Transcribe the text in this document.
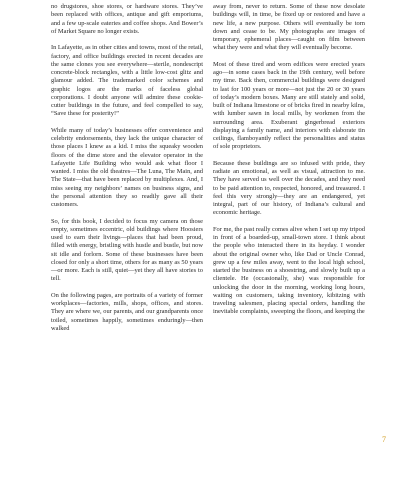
no drugstores, shoe stores, or hardware stores. They’ve been replaced with offices, antique and gift emporiums, and a few up-scale eateries and coffee shops. And Bower’s of Market Square no longer exists.

In Lafayette, as in other cities and towns, most of the retail, factory, and office buildings erected in recent decades are the same clones you see everywhere—sterile, nondescript concrete-block rectangles, with a little low-cost glitz and glamour added. The trademarked color schemes and graphic logos are the marks of faceless global corporations. I doubt anyone will admire these cookie-cutter buildings in the future, and feel compelled to say, “Save these for posterity!”

While many of today’s businesses offer convenience and celebrity endorsements, they lack the unique character of those places I knew as a kid. I miss the squeaky wooden floors of the dime store and the elevator operator in the Lafayette Life Building who would ask what floor I wanted. I miss the old theatres—The Luna, The Main, and The State—that have been replaced by multiplexes. And, I miss seeing my neighbors’ names on business signs, and the personal attention they so readily gave all their customers.

So, for this book, I decided to focus my camera on those empty, sometimes eccentric, old buildings where Hoosiers used to earn their livings—places that had been proud, filled with energy, bristling with hustle and bustle, but now sit idle and forlorn. Some of these businesses have been closed for only a short time, others for as many as 50 years—or more. Each is still, quiet—yet they all have stories to tell.

On the following pages, are portraits of a variety of former workplaces—factories, mills, shops, offices, and stores. They are where we, our parents, and our grandparents once toiled, sometimes happily, sometimes enduringly—then walked

away from, never to return. Some of these now desolate buildings will, in time, be fixed up or restored and have a new life, a new purpose. Others will eventually be torn down and cease to be. My photographs are images of temporary, ephemeral places—caught on film between what they were and what they will eventually become.

Most of these tired and worn edifices were erected years ago—in some cases back in the 19th century, well before my time. Back then, commercial buildings were designed to last for 100 years or more—not just the 20 or 30 years of today’s modern boxes. Many are still stately and solid, built of Indiana limestone or of bricks fired in nearby kilns, with lumber sawn in local mills, by workmen from the surrounding area. Exuberant gingerbread exteriors displaying a family name, and interiors with elaborate tin ceilings, flamboyantly reflect the personalities and status of sole proprietors.

Because these buildings are so infused with pride, they radiate an emotional, as well as visual, attraction to me. They have served us well over the decades, and they need to be paid attention to, respected, honored, and treasured. I feel this very strongly—they are an endangered, yet integral, part of our history, of Indiana’s cultural and economic heritage.

For me, the past really comes alive when I set up my tripod in front of a boarded-up, small-town store. I think about the people who interacted there in its heyday. I wonder about the original owner who, like Dad or Uncle Conrad, grew up a few miles away, went to the local high school, started the business on a shoestring, and slowly built up a clientele. He (occasionally, she) was responsible for unlocking the door in the morning, working long hours, waiting on customers, taking inventory, kibitzing with traveling salesmen, placing special orders, handling the inevitable complaints, sweeping the floors, and keeping the

7
